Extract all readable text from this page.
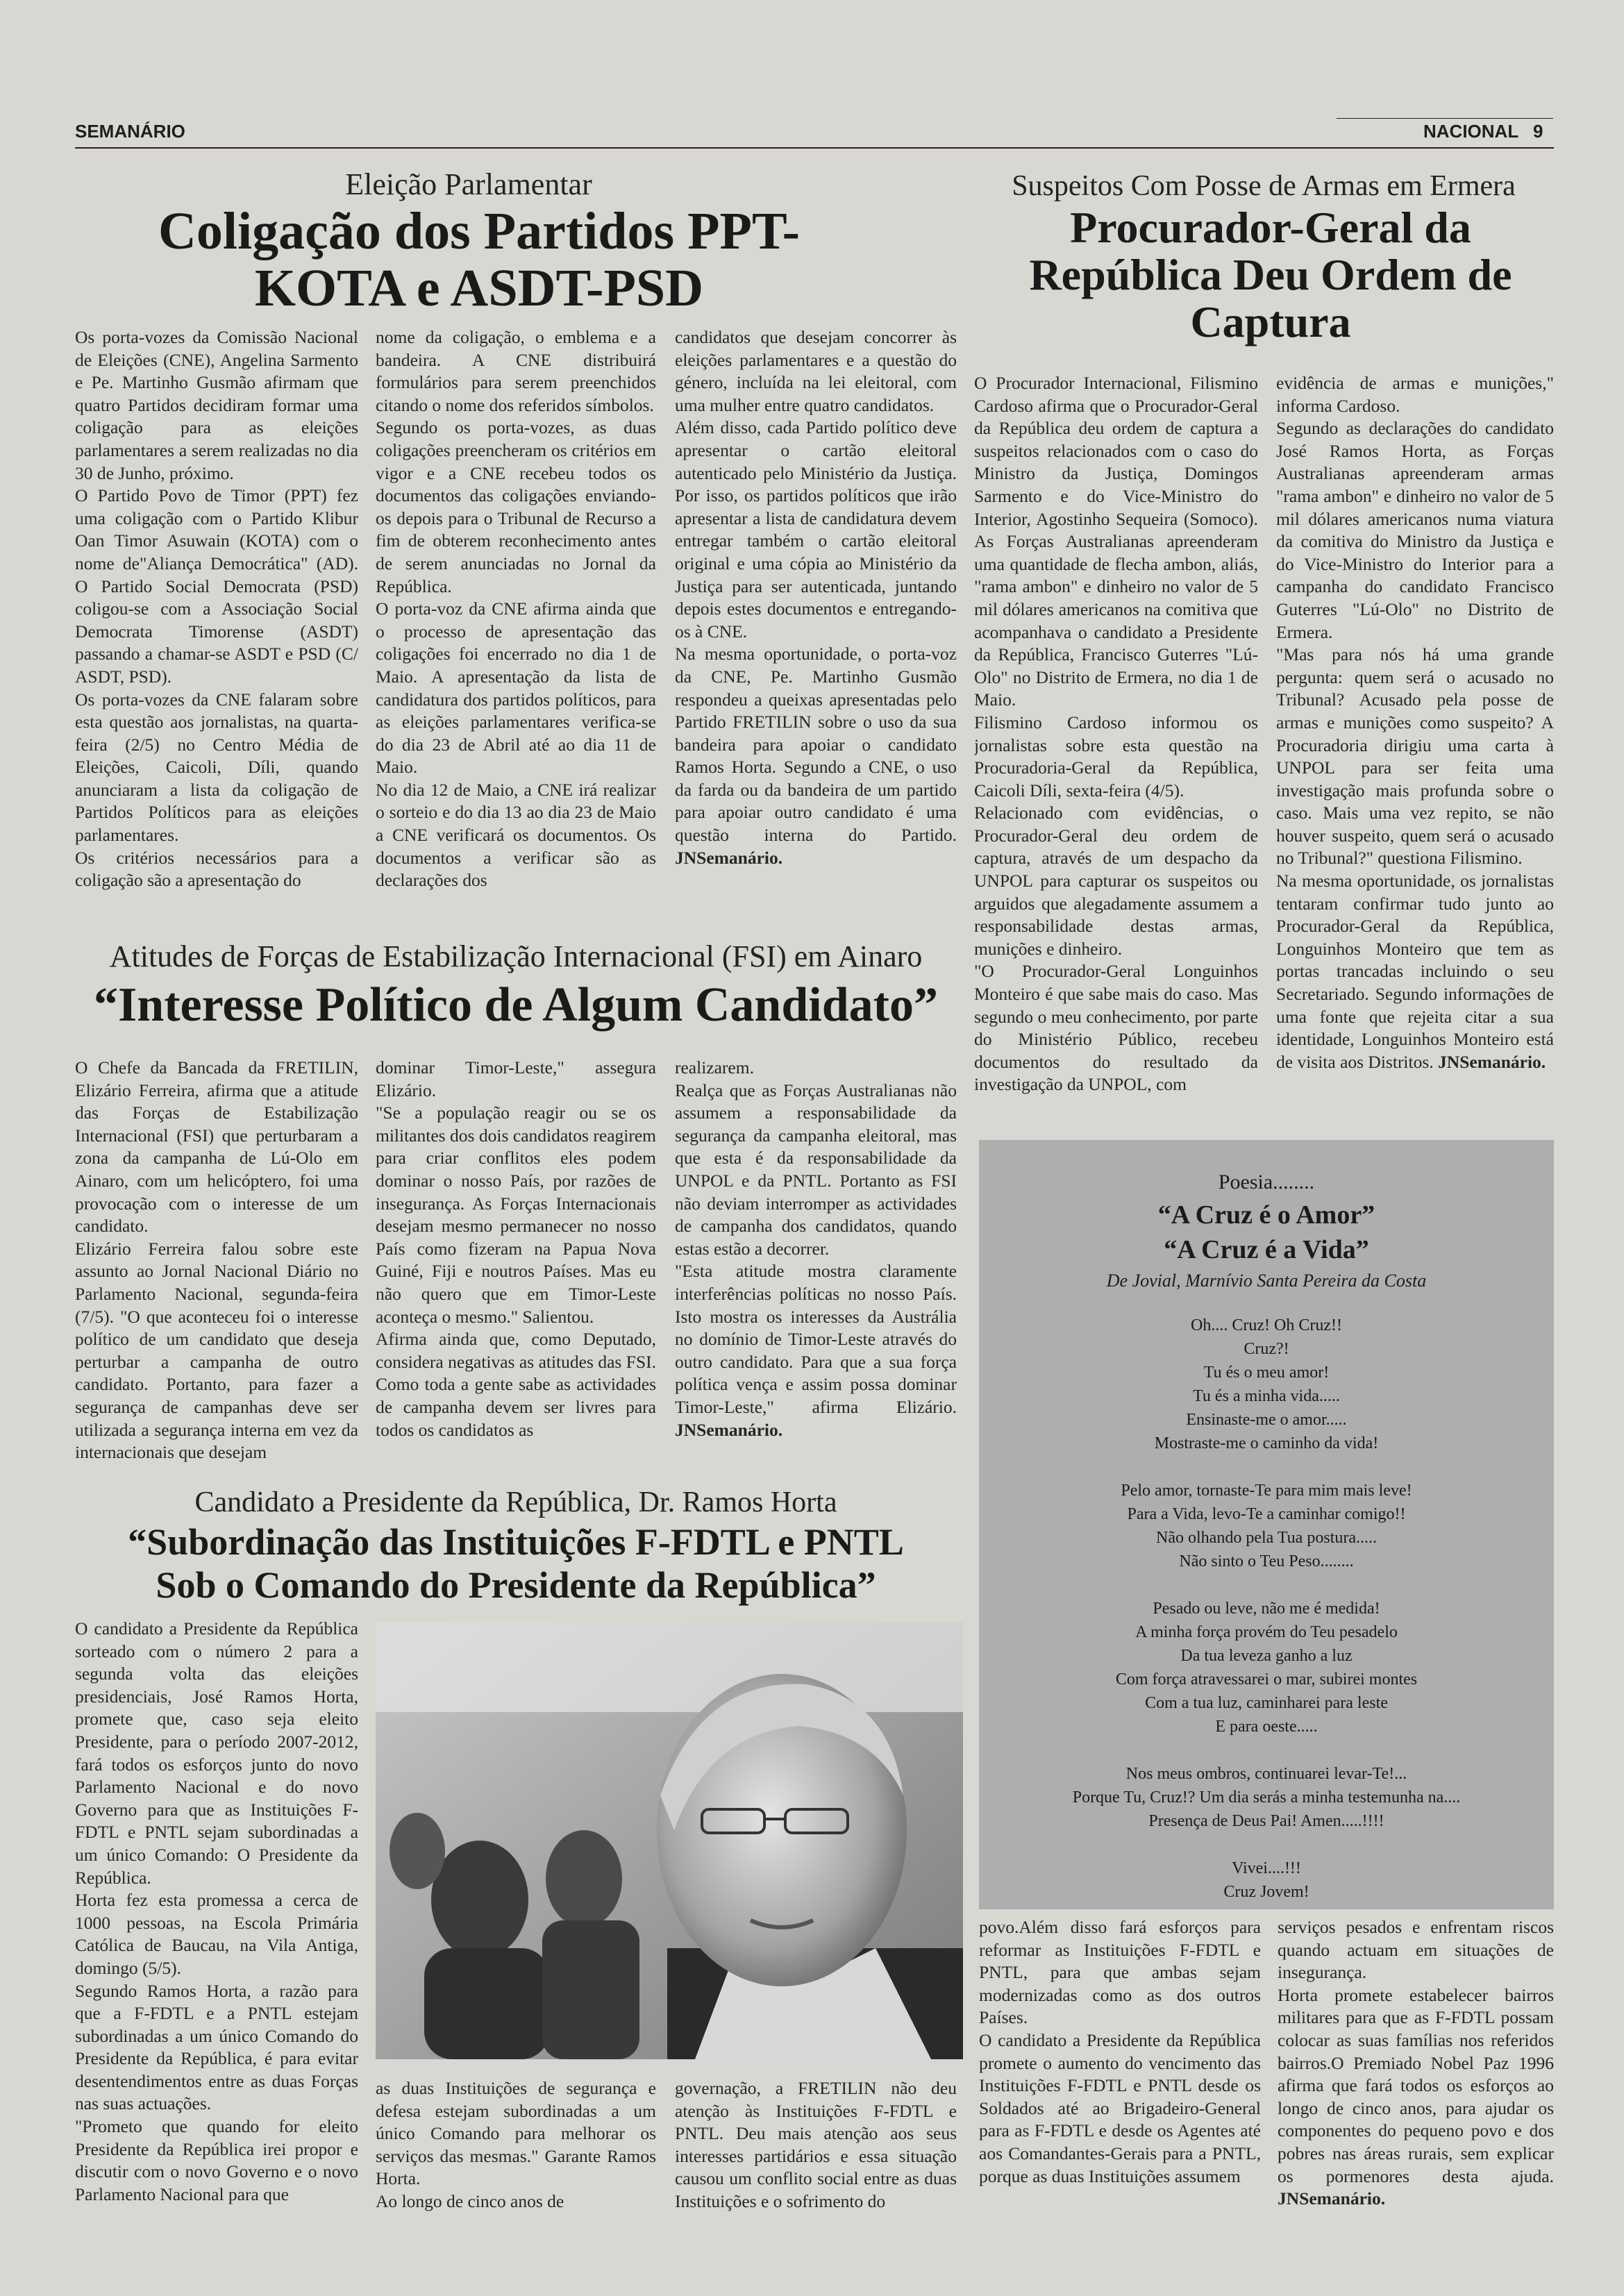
SEMANÁRIO	NACIONAL 9
Eleição Parlamentar
Coligação dos Partidos PPT-KOTA e ASDT-PSD

Os porta-vozes da Comissão Nacional de Eleições (CNE), Angelina Sarmento e Pe. Martinho Gusmão afirmam que quatro Partidos decidiram formar uma coligação para as eleições parlamentares a serem realizadas no dia 30 de Junho, próximo.

O Partido Povo de Timor (PPT) fez uma coligação com o Partido Klibur Oan Timor Asuwain (KOTA) com o nome de"Aliança Democrática" (AD). O Partido Social Democrata (PSD) coligou-se com a Associação Social Democrata Timorense (ASDT) passando a chamar-se ASDT e PSD (C/ ASDT, PSD).

Os porta-vozes da CNE falaram sobre esta questão aos jornalistas, na quarta-feira (2/5) no Centro Média de Eleições, Caicoli, Díli, quando anunciaram a lista da coligação de Partidos Políticos para as eleições parlamentares.

Os critérios necessários para a coligação são a apresentação do

nome da coligação, o emblema e a bandeira. A CNE distribuirá formulários para serem preenchidos citando o nome dos referidos símbolos.

Segundo os porta-vozes, as duas coligações preencheram os critérios em vigor e a CNE recebeu todos os documentos das coligações enviando-os depois para o Tribunal de Recurso a fim de obterem reconhecimento antes de serem anunciadas no Jornal da República.

O porta-voz da CNE afirma ainda que o processo de apresentação das coligações foi encerrado no dia 1 de Maio. A apresentação da lista de candidatura dos partidos políticos, para as eleições parlamentares verifica-se do dia 23 de Abril até ao dia 11 de Maio.

No dia 12 de Maio, a CNE irá realizar o sorteio e do dia 13 ao dia 23 de Maio a CNE verificará os documentos. Os documentos a verificar são as declarações dos

candidatos que desejam concorrer às eleições parlamentares e a questão do género, incluída na lei eleitoral, com uma mulher entre quatro candidatos.

Além disso, cada Partido político deve apresentar o cartão eleitoral autenticado pelo Ministério da Justiça. Por isso, os partidos políticos que irão apresentar a lista de candidatura devem entregar também o cartão eleitoral original e uma cópia ao Ministério da Justiça para ser autenticada, juntando depois estes documentos e entregando-os à CNE.

Na mesma oportunidade, o porta-voz da CNE, Pe. Martinho Gusmão respondeu a queixas apresentadas pelo Partido FRETILIN sobre o uso da sua bandeira para apoiar o candidato Ramos Horta. Segundo a CNE, o uso da farda ou da bandeira de um partido para apoiar outro candidato é uma questão interna do Partido. JNSemanário.

Suspeitos Com Posse de Armas em Ermera
Procurador-Geral da República Deu Ordem de Captura

O Procurador Internacional, Filismino Cardoso afirma que o Procurador-Geral da República deu ordem de captura a suspeitos relacionados com o caso do Ministro da Justiça, Domingos Sarmento e do Vice-Ministro do Interior, Agostinho Sequeira (Somoco). As Forças Australianas apreenderam uma quantidade de flecha ambon, aliás, "rama ambon" e dinheiro no valor de 5 mil dólares americanos na comitiva que acompanhava o candidato a Presidente da República, Francisco Guterres "Lú-Olo" no Distrito de Ermera, no dia 1 de Maio.

Filismino Cardoso informou os jornalistas sobre esta questão na Procuradoria-Geral da República, Caicoli Díli, sexta-feira (4/5).

Relacionado com evidências, o Procurador-Geral deu ordem de captura, através de um despacho da UNPOL para capturar os suspeitos ou arguidos que alegadamente assumem a responsabilidade destas armas, munições e dinheiro.

"O Procurador-Geral Longuinhos Monteiro é que sabe mais do caso. Mas segundo o meu conhecimento, por parte do Ministério Público, recebeu documentos do resultado da investigação da UNPOL, com

evidência de armas e munições," informa Cardoso.

Segundo as declarações do candidato José Ramos Horta, as Forças Australianas apreenderam armas "rama ambon" e dinheiro no valor de 5 mil dólares americanos numa viatura da comitiva do Ministro da Justiça e do Vice-Ministro do Interior para a campanha do candidato Francisco Guterres "Lú-Olo" no Distrito de Ermera.

"Mas para nós há uma grande pergunta: quem será o acusado no Tribunal? Acusado pela posse de armas e munições como suspeito? A Procuradoria dirigiu uma carta à UNPOL para ser feita uma investigação mais profunda sobre o caso. Mais uma vez repito, se não houver suspeito, quem será o acusado no Tribunal?" questiona Filismino.

Na mesma oportunidade, os jornalistas tentaram confirmar tudo junto ao Procurador-Geral da República, Longuinhos Monteiro que tem as portas trancadas incluindo o seu Secretariado. Segundo informações de uma fonte que rejeita citar a sua identidade, Longuinhos Monteiro está de visita aos Distritos. JNSemanário.

Atitudes de Forças de Estabilização Internacional (FSI) em Ainaro
“Interesse Político de Algum Candidato”

O Chefe da Bancada da FRETILIN, Elizário Ferreira, afirma que a atitude das Forças de Estabilização Internacional (FSI) que perturbaram a zona da campanha de Lú-Olo em Ainaro, com um helicóptero, foi uma provocação com o interesse de um candidato.

Elizário Ferreira falou sobre este assunto ao Jornal Nacional Diário no Parlamento Nacional, segunda-feira (7/5). "O que aconteceu foi o interesse político de um candidato que deseja perturbar a campanha de outro candidato. Portanto, para fazer a segurança de campanhas deve ser utilizada a segurança interna em vez da internacionais que desejam

dominar Timor-Leste," assegura Elizário.

"Se a população reagir ou se os militantes dos dois candidatos reagirem para criar conflitos eles podem dominar o nosso País, por razões de insegurança. As Forças Internacionais desejam mesmo permanecer no nosso País como fizeram na Papua Nova Guiné, Fiji e noutros Países. Mas eu não quero que em Timor-Leste aconteça o mesmo." Salientou.

Afirma ainda que, como Deputado, considera negativas as atitudes das FSI. Como toda a gente sabe as actividades de campanha devem ser livres para todos os candidatos as

realizarem.

Realça que as Forças Australianas não assumem a responsabilidade da segurança da campanha eleitoral, mas que esta é da responsabilidade da UNPOL e da PNTL. Portanto as FSI não deviam interromper as actividades de campanha dos candidatos, quando estas estão a decorrer.

"Esta atitude mostra claramente interferências políticas no nosso País. Isto mostra os interesses da Austrália no domínio de Timor-Leste através do outro candidato. Para que a sua força política vença e assim possa dominar Timor-Leste," afirma Elizário. JNSemanário.

Poesia........
“A Cruz é o Amor”
“A Cruz é a Vida”
De Jovial, Marnívio Santa Pereira da Costa
Oh.... Cruz! Oh Cruz!!
Cruz?!
Tu és o meu amor!
Tu és a minha vida.....
Ensinaste-me o amor.....
Mostraste-me o caminho da vida!
Pelo amor, tornaste-Te para mim mais leve!
Para a Vida, levo-Te a caminhar comigo!!
Não olhando pela Tua postura.....
Não sinto o Teu Peso........
Pesado ou leve, não me é medida!
A minha força provém do Teu pesadelo
Da tua leveza ganho a luz
Com força atravessarei o mar, subirei montes
Com a tua luz, caminharei para leste
E para oeste.....
Nos meus ombros, continuarei levar-Te!...
Porque Tu, Cruz!? Um dia serás a minha testemunha na....
Presença de Deus Pai! Amen.....!!!!
Vivei....!!!
Cruz Jovem!
Candidato a Presidente da República, Dr. Ramos Horta
“Subordinação das Instituições F-FDTL e PNTL
Sob o Comando do Presidente da República”

O candidato a Presidente da República sorteado com o número 2 para a segunda volta das eleições presidenciais, José Ramos Horta, promete que, caso seja eleito Presidente, para o período 2007-2012, fará todos os esforços junto do novo Parlamento Nacional e do novo Governo para que as Instituições F-FDTL e PNTL sejam subordinadas a um único Comando: O Presidente da República.

Horta fez esta promessa a cerca de 1000 pessoas, na Escola Primária Católica de Baucau, na Vila Antiga, domingo (5/5).

Segundo Ramos Horta, a razão para que a F-FDTL e a PNTL estejam subordinadas a um único Comando do Presidente da República, é para evitar desentendimentos entre as duas Forças nas suas actuações.

"Prometo que quando for eleito Presidente da República irei propor e discutir com o novo Governo e o novo Parlamento Nacional para que

as duas Instituições de segurança e defesa estejam subordinadas a um único Comando para melhorar os serviços das mesmas." Garante Ramos Horta.

Ao longo de cinco anos de

governação, a FRETILIN não deu atenção às Instituições F-FDTL e PNTL. Deu mais atenção aos seus interesses partidários e essa situação causou um conflito social entre as duas Instituições e o sofrimento do

povo.Além disso fará esforços para reformar as Instituições F-FDTL e PNTL, para que ambas sejam modernizadas como as dos outros Países.

O candidato a Presidente da República promete o aumento do vencimento das Instituições F-FDTL e PNTL desde os Soldados até ao Brigadeiro-General para as F-FDTL e desde os Agentes até aos Comandantes-Gerais para a PNTL, porque as duas Instituições assumem

serviços pesados e enfrentam riscos quando actuam em situações de insegurança.

Horta promete estabelecer bairros militares para que as F-FDTL possam colocar as suas famílias nos referidos bairros.O Premiado Nobel Paz 1996 afirma que fará todos os esforços ao longo de cinco anos, para ajudar os componentes do pequeno povo e dos pobres nas áreas rurais, sem explicar os pormenores desta ajuda. JNSemanário.
